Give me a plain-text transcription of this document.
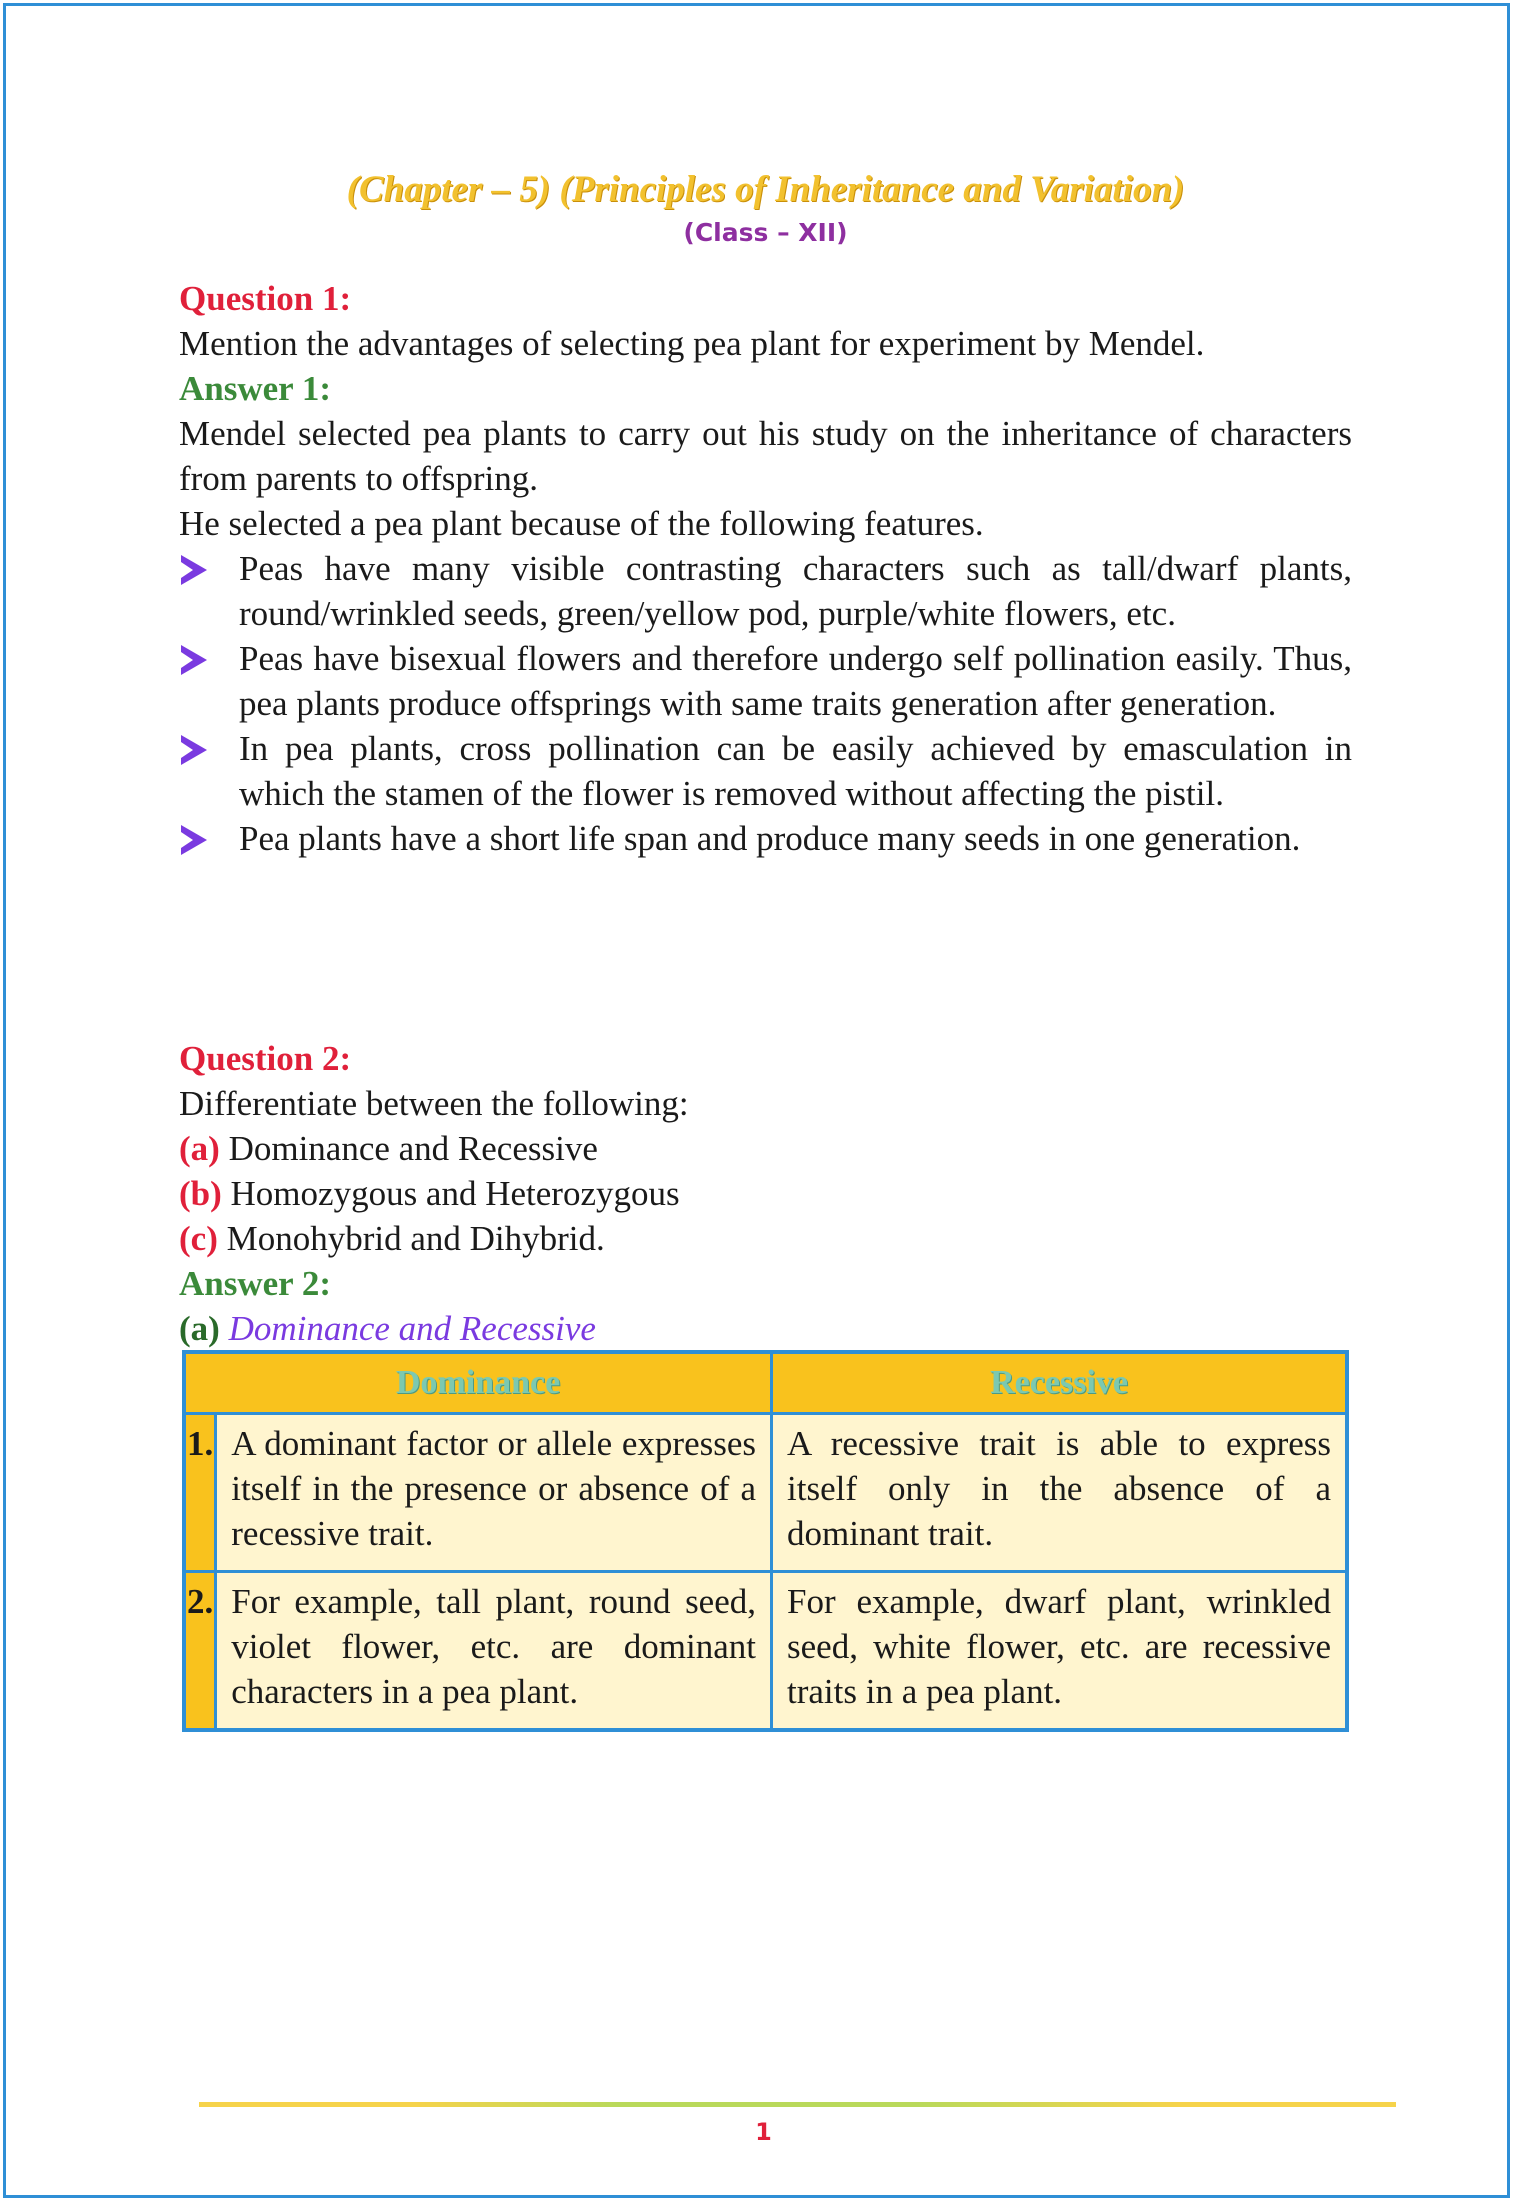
(Chapter – 5) (Principles of Inheritance and Variation)
(Class – XII)
Question 1:
Mention the advantages of selecting pea plant for experiment by Mendel.
Answer 1:
Mendel selected pea plants to carry out his study on the inheritance of characters from parents to offspring.
He selected a pea plant because of the following features.
Peas have many visible contrasting characters such as tall/dwarf plants, round/wrinkled seeds, green/yellow pod, purple/white flowers, etc.
Peas have bisexual flowers and therefore undergo self pollination easily. Thus, pea plants produce offsprings with same traits generation after generation.
In pea plants, cross pollination can be easily achieved by emasculation in which the stamen of the flower is removed without affecting the pistil.
Pea plants have a short life span and produce many seeds in one generation.
Question 2:
Differentiate between the following:
(a) Dominance and Recessive
(b) Homozygous and Heterozygous
(c) Monohybrid and Dihybrid.
Answer 2:
(a) Dominance and Recessive
Dominance		Recessive
1.	A dominant factor or allele expresses itself in the presence or absence of a recessive trait.	A recessive trait is able to express itself only in the absence of a dominant trait.
2.	For example, tall plant, round seed, violet flower, etc. are dominant characters in a pea plant.	For example, dwarf plant, wrinkled seed, white flower, etc. are recessive traits in a pea plant.
1
